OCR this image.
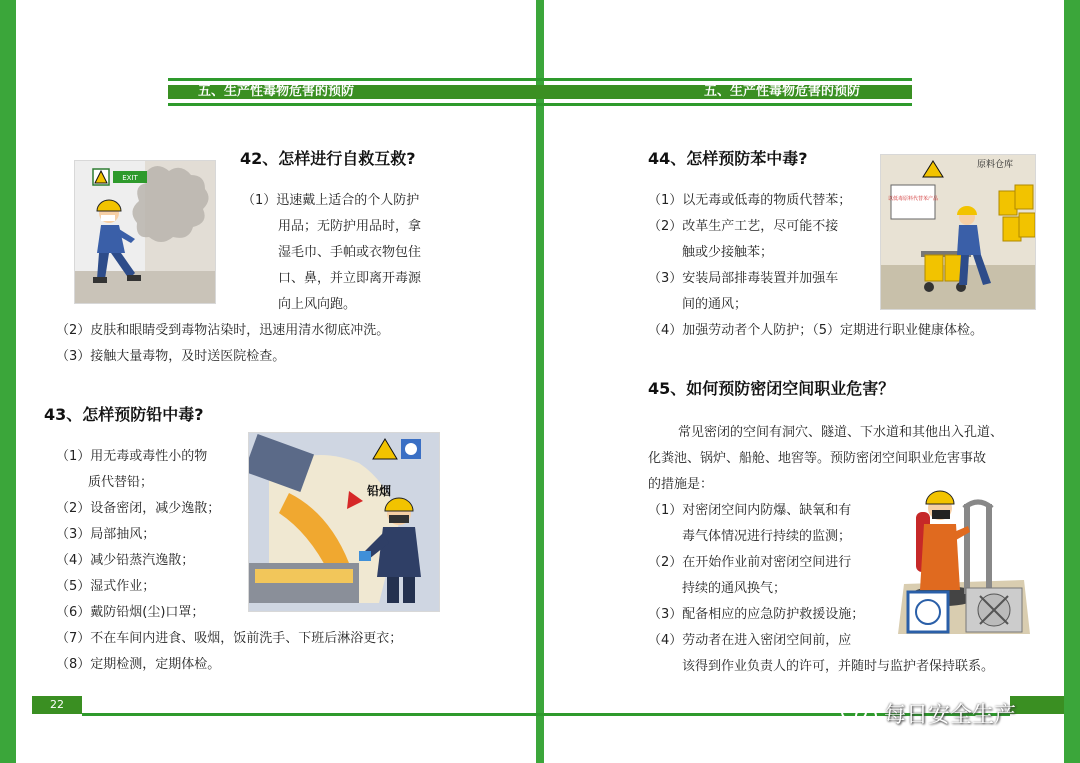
五、生产性毒物危害的预防
EXIT
42、怎样进行自救互救?
（1）迅速戴上适合的个人防护
用品；无防护用品时，拿
湿毛巾、手帕或衣物包住
口、鼻，并立即离开毒源
向上风向跑。
（2）皮肤和眼睛受到毒物沾染时，迅速用清水彻底冲洗。
（3）接触大量毒物，及时送医院检查。
43、怎样预防铅中毒?
（1）用无毒或毒性小的物
质代替铅；
（2）设备密闭，减少逸散；
（3）局部抽风；
（4）减少铅蒸汽逸散；
（5）湿式作业；
（6）戴防铅烟(尘)口罩；
（7）不在车间内进食、吸烟，饭前洗手、下班后淋浴更衣；
（8）定期检测，定期体检。
铅烟
22
五、生产性毒物危害的预防
44、怎样预防苯中毒?
（1）以无毒或低毒的物质代替苯；
（2）改革生产工艺，尽可能不接
触或少接触苯；
（3）安装局部排毒装置并加强车
间的通风；
（4）加强劳动者个人防护；（5）定期进行职业健康体检。
原料仓库
以低毒原料代替苯产品
45、如何预防密闭空间职业危害？
常见密闭的空间有洞穴、隧道、下水道和其他出入孔道、
化粪池、锅炉、船舱、地窖等。预防密闭空间职业危害事故
的措施是：
（1）对密闭空间内防爆、缺氧和有
毒气体情况进行持续的监测；
（2）在开始作业前对密闭空间进行
持续的通风换气；
（3）配备相应的应急防护救援设施；
（4）劳动者在进入密闭空间前，应
该得到作业负责人的许可，并随时与监护者保持联系。
每日安全生产
